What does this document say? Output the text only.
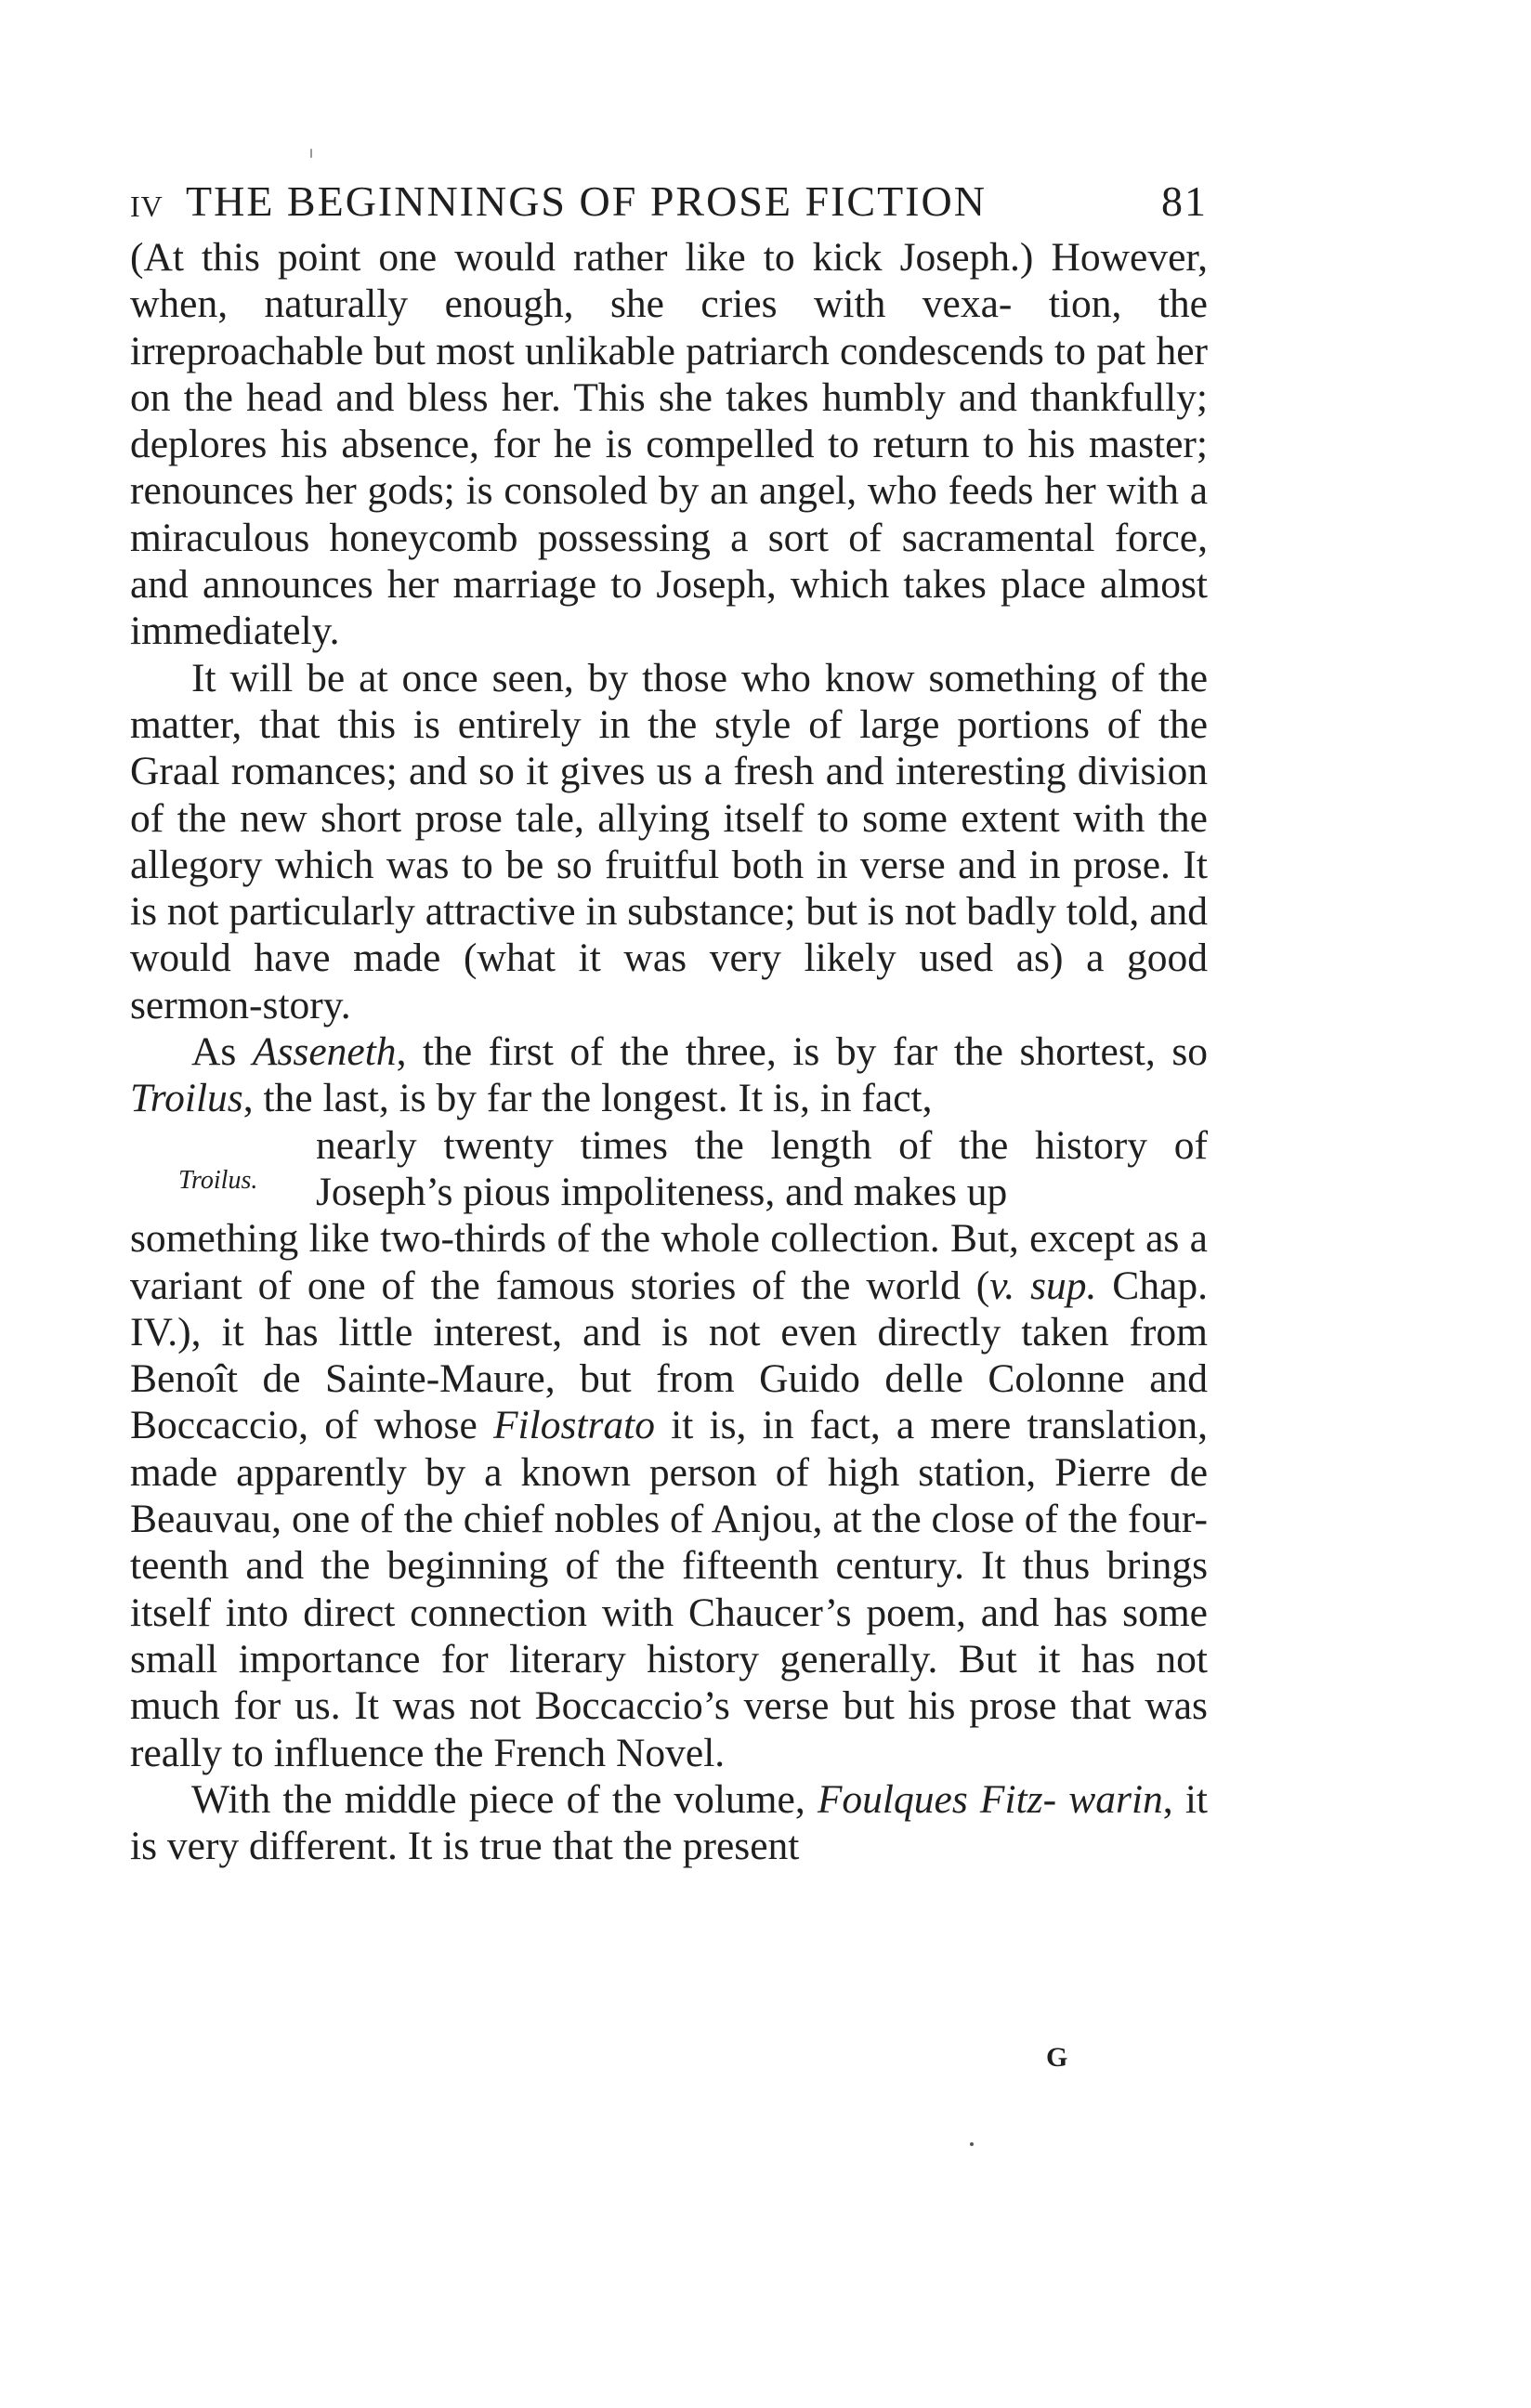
IV THE BEGINNINGS OF PROSE FICTION	81

(At this point one would rather like to kick Joseph.) However, when, naturally enough, she cries with vexa- tion, the irreproachable but most unlikable patriarch condescends to pat her on the head and bless her. This she takes humbly and thankfully; deplores his absence, for he is compelled to return to his master; renounces her gods; is consoled by an angel, who feeds her with a miraculous honeycomb possessing a sort of sacramental force, and announces her marriage to Joseph, which takes place almost immediately.

It will be at once seen, by those who know something of the matter, that this is entirely in the style of large portions of the Graal romances; and so it gives us a fresh and interesting division of the new short prose tale, allying itself to some extent with the allegory which was to be so fruitful both in verse and in prose. It is not particularly attractive in substance; but is not badly told, and would have made (what it was very likely used as) a good sermon-story.

As Asseneth, the first of the three, is by far the shortest, so Troilus, the last, is by far the longest. It is, in fact,

Troilus.

nearly twenty times the length of the history of Joseph’s pious impoliteness, and makes up

something like two-thirds of the whole collection. But, except as a variant of one of the famous stories of the world (v. sup. Chap. IV.), it has little interest, and is not even directly taken from Benoît de Sainte-Maure, but from Guido delle Colonne and Boccaccio, of whose Filostrato it is, in fact, a mere translation, made apparently by a known person of high station, Pierre de Beauvau, one of the chief nobles of Anjou, at the close of the four- teenth and the beginning of the fifteenth century. It thus brings itself into direct connection with Chaucer’s poem, and has some small importance for literary history generally. But it has not much for us. It was not Boccaccio’s verse but his prose that was really to influence the French Novel.

With the middle piece of the volume, Foulques Fitz- warin, it is very different. It is true that the present

G
